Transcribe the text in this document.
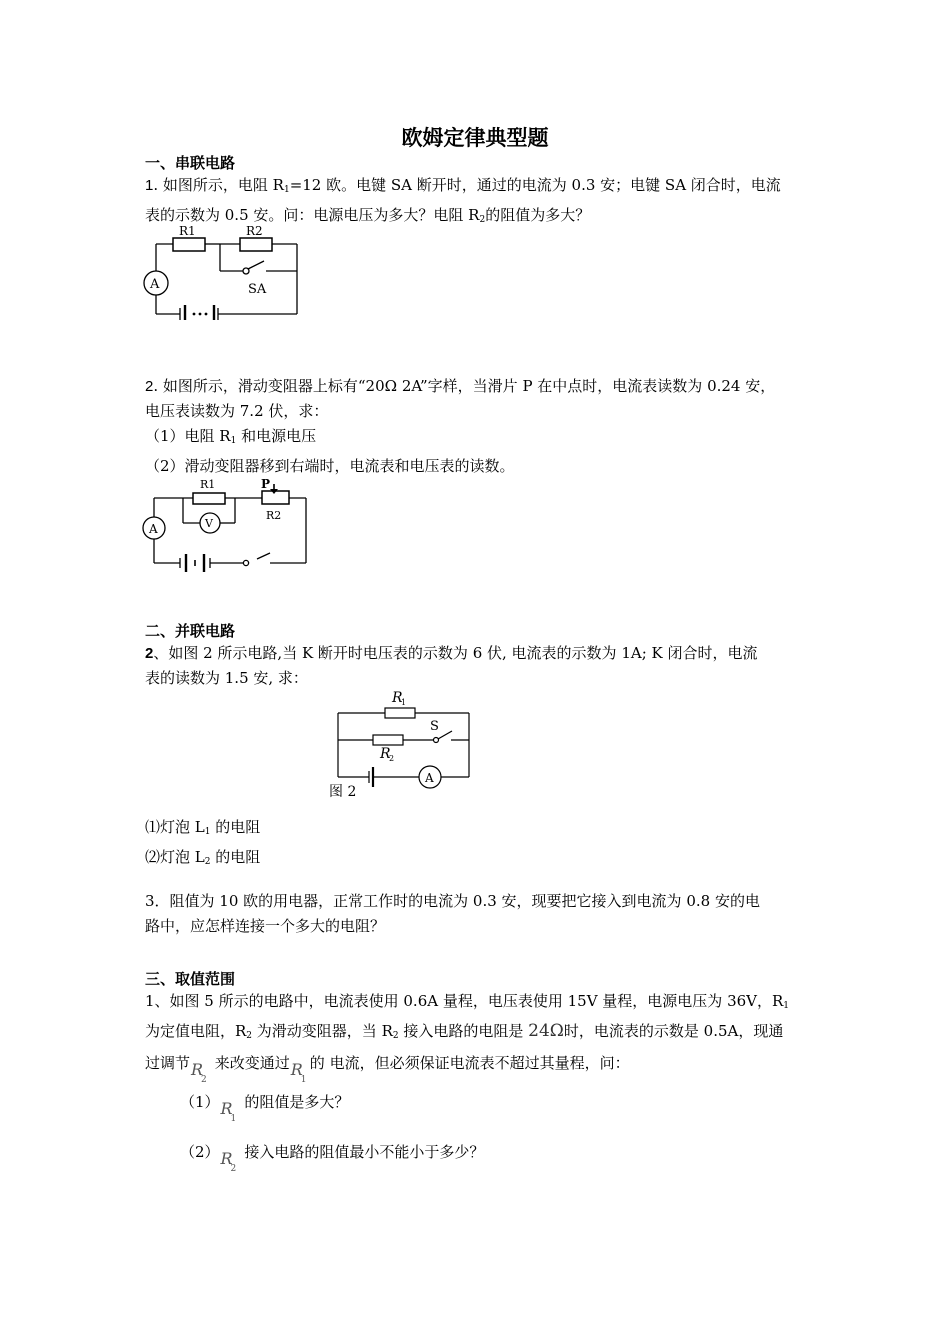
欧姆定律典型题
一、串联电路
1. 如图所示，电阻 $R_1=12$ 欧。电键 SA 断开时，通过的电流为 0.3 安；电键 SA 闭合时，电流
表的示数为 0.5 安。问：电源电压为多大？电阻 $R_2$的阻值为多大？
R1	R2
A	SA
2. 如图所示，滑动变阻器上标有“20Ω 2A”字样，当滑片 P 在中点时，电流表读数为 0.24 安，
电压表读数为 7.2 伏，求：
（1）电阻 $R_1$ 和电源电压
（2）滑动变阻器移到右端时，电流表和电压表的读数。
R1	P
R2
A	V
二、并联电路
2、如图 2 所示电路,当 K 断开时电压表的示数为 6 伏, 电流表的示数为 1A; K 闭合时，电流
表的读数为 1.5 安, 求：
R
1
R
2
S
A
图 2
⑴灯泡 $L_1$ 的电阻
⑵灯泡 $L_2$ 的电阻
3．阻值为 10 欧的用电器，正常工作时的电流为 0.3 安，现要把它接入到电流为 0.8 安的电
路中，应怎样连接一个多大的电阻？
三、取值范围
1、如图 5 所示的电路中，电流表使用 0.6A 量程，电压表使用 15V 量程，电源电压为 36V，$R_1$
为定值电阻，$R_2$ 为滑动变阻器，当 $R_2$ 接入电路的电阻是 24Ω时，电流表的示数是 0.5A，现通
过调节 R
2
来改变通过 R
1
的 电流，但必须保证电流表不超过其量程，问：
（1） R
1
的阻值是多大？
（2） R
2
接入电路的阻值最小不能小于多少？
